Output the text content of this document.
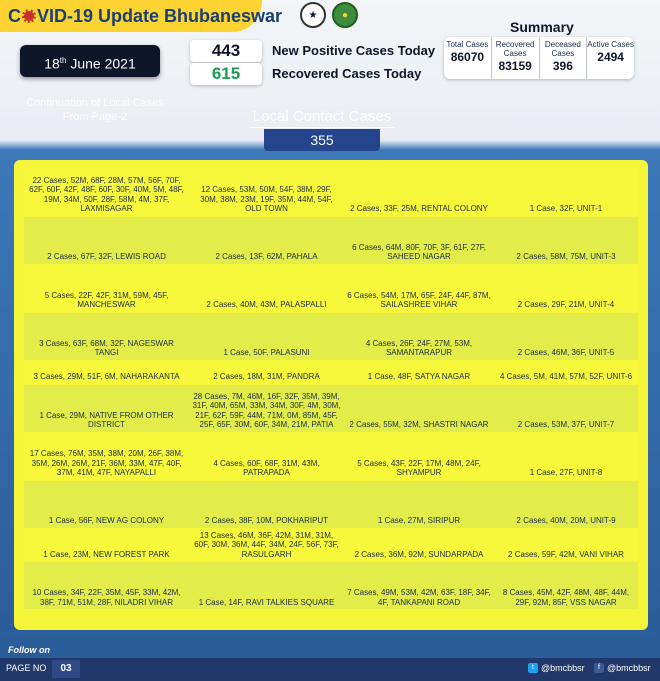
C VID-19 Update Bhubaneswar	★	●
18th June 2021
443	New Positive Cases Today
615	Recovered Cases Today
Summary
Total Cases
86070
Recovered Cases
83159
Deceased Cases
396
Active Cases
2494
Continuation of Local Cases From Page-2	Local Contact Cases
355
22 Cases, 52M, 68F, 28M, 57M, 56F, 70F, 62F, 60F, 42F, 48F, 60F, 30F, 40M, 5M, 48F, 19M, 34M, 50F, 28F, 58M, 4M, 37F, LAXMISAGAR	12 Cases, 53M, 50M, 54F, 38M, 29F, 30M, 38M, 23M, 19F, 35M, 44M, 54F, OLD TOWN	2 Cases, 33F, 25M, RENTAL COLONY	1 Case, 32F, UNIT-1
2 Cases, 67F, 32F, LEWIS ROAD	2 Cases, 13F, 62M, PAHALA	6 Cases, 64M, 80F, 70F, 3F, 61F, 27F, SAHEED NAGAR	2 Cases, 58M, 75M, UNIT-3
5 Cases, 22F, 42F, 31M, 59M, 45F, MANCHESWAR	2 Cases, 40M, 43M, PALASPALLI	6 Cases, 54M, 17M, 65F, 24F, 44F, 87M, SAILASHREE VIHAR	2 Cases, 29F, 21M, UNIT-4
3 Cases, 63F, 68M, 32F, NAGESWAR TANGI	1 Case, 50F, PALASUNI	4 Cases, 26F, 24F, 27M, 53M, SAMANTARAPUR	2 Cases, 46M, 36F, UNIT-5
3 Cases, 29M, 51F, 6M, NAHARAKANTA	2 Cases, 18M, 31M, PANDRA	1 Case, 48F, SATYA NAGAR	4 Cases, 5M, 41M, 57M, 52F, UNIT-6
1 Case, 29M, NATIVE FROM OTHER DISTRICT	28 Cases, 7M, 46M, 16F, 32F, 35M, 39M, 31F, 40M, 65M, 33M, 34M, 30F, 4M, 30M, 21F, 62F, 59F, 44M, 71M, 0M, 85M, 45F, 25F, 65F, 30M, 60F, 34M, 21M, PATIA	2 Cases, 55M, 32M, SHASTRI NAGAR	2 Cases, 53M, 37F, UNIT-7
17 Cases, 76M, 35M, 38M, 20M, 26F, 38M, 35M, 26M, 26M, 21F, 36M, 33M, 47F, 40F, 37M, 41M, 47F, NAYAPALLI	4 Cases, 60F, 68F, 31M, 43M, PATRAPADA	5 Cases, 43F, 22F, 17M, 48M, 24F, SHYAMPUR	1 Case, 27F, UNIT-8
1 Case, 56F, NEW AG COLONY	2 Cases, 38F, 10M, POKHARIPUT	1 Case, 27M, SIRIPUR	2 Cases, 40M, 20M, UNIT-9
1 Case, 23M, NEW FOREST PARK	13 Cases, 46M, 36F, 42M, 31M, 31M, 60F, 30M, 36M, 44F, 34M, 24F, 56F, 73F, RASULGARH	2 Cases, 36M, 92M, SUNDARPADA	2 Cases, 59F, 42M, VANI VIHAR
10 Cases, 34F, 22F, 35M, 45F, 33M, 42M, 38F, 71M, 51M, 28F, NILADRI VIHAR	1 Case, 14F, RAVI TALKIES SQUARE	7 Cases, 49M, 53M, 42M, 63F, 18F, 34F, 4F, TANKAPANI ROAD	8 Cases, 45M, 42F, 48M, 48F, 44M, 29F, 92M, 85F, VSS NAGAR
Follow on
PAGE NO	03	t @bmcbbsr	f @bmcbbsr
